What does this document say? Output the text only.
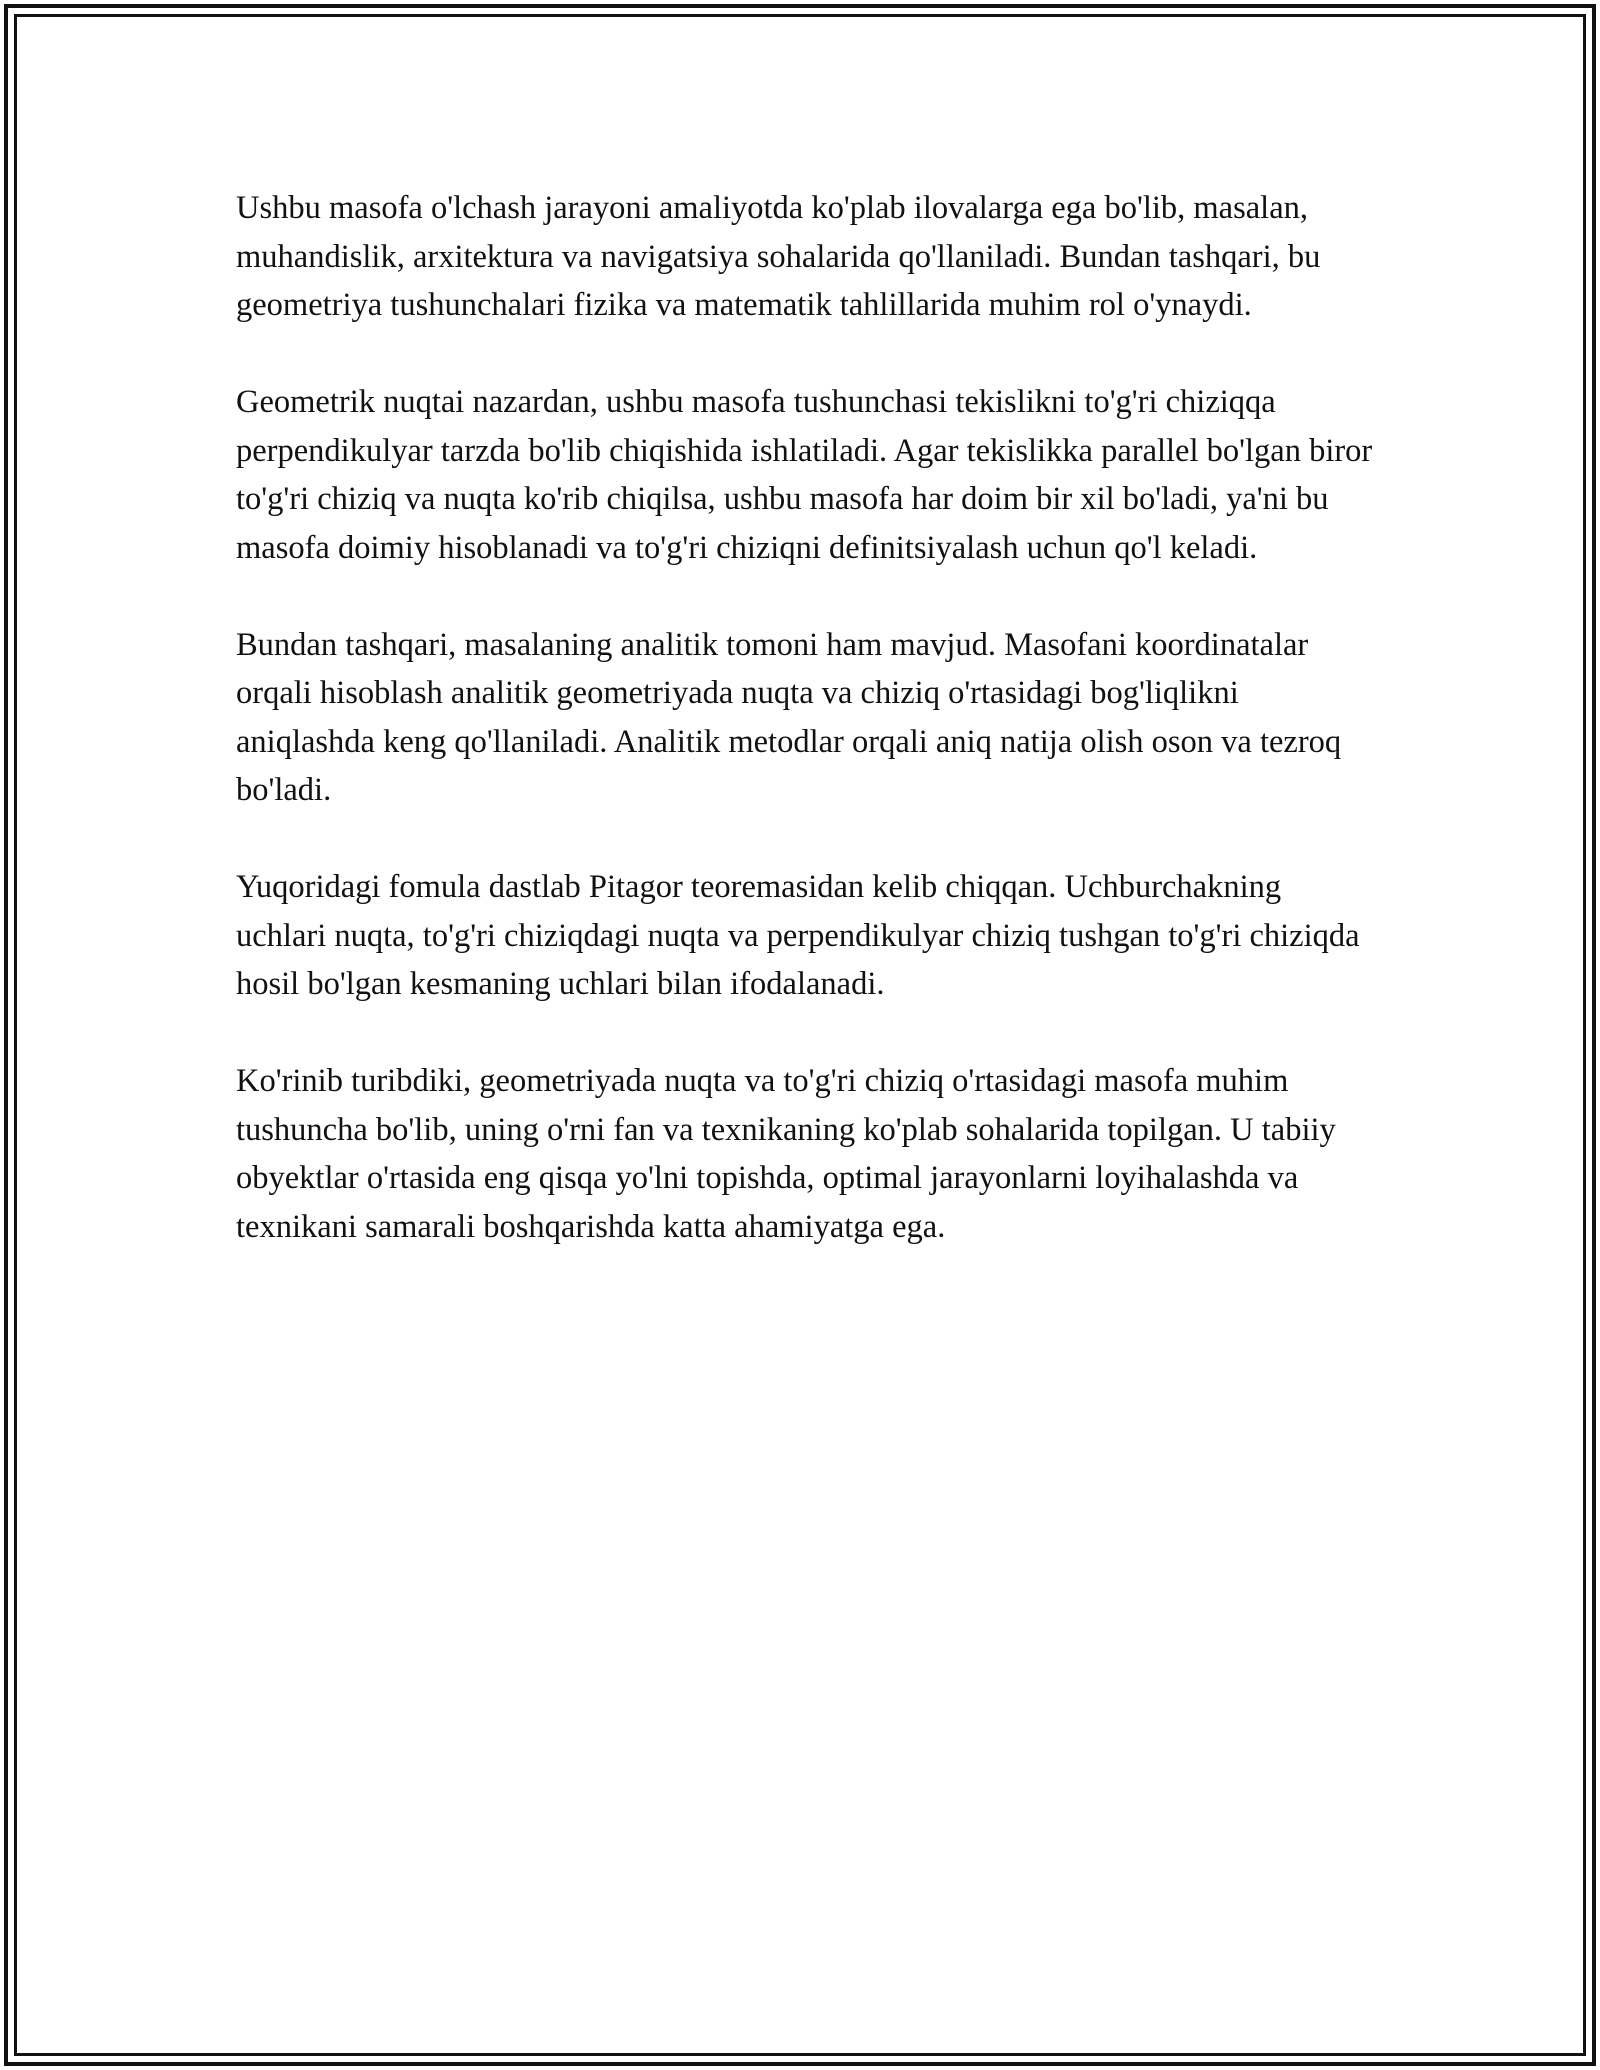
Ushbu masofa o'lchash jarayoni amaliyotda ko'plab ilovalarga ega bo'lib, masalan, muhandislik, arxitektura va navigatsiya sohalarida qo'llaniladi. Bundan tashqari, bu geometriya tushunchalari fizika va matematik tahlillarida muhim rol o'ynaydi.

Geometrik nuqtai nazardan, ushbu masofa tushunchasi tekislikni to'g'ri chiziqqa perpendikulyar tarzda bo'lib chiqishida ishlatiladi. Agar tekislikka parallel bo'lgan biror to'g'ri chiziq va nuqta ko'rib chiqilsa, ushbu masofa har doim bir xil bo'ladi, ya'ni bu masofa doimiy hisoblanadi va to'g'ri chiziqni definitsiyalash uchun qo'l keladi.

Bundan tashqari, masalaning analitik tomoni ham mavjud. Masofani koordinatalar orqali hisoblash analitik geometriyada nuqta va chiziq o'rtasidagi bog'liqlikni aniqlashda keng qo'llaniladi. Analitik metodlar orqali aniq natija olish oson va tezroq bo'ladi.

Yuqoridagi fomula dastlab Pitagor teoremasidan kelib chiqqan. Uchburchakning uchlari nuqta, to'g'ri chiziqdagi nuqta va perpendikulyar chiziq tushgan to'g'ri chiziqda hosil bo'lgan kesmaning uchlari bilan ifodalanadi.

Ko'rinib turibdiki, geometriyada nuqta va to'g'ri chiziq o'rtasidagi masofa muhim tushuncha bo'lib, uning o'rni fan va texnikaning ko'plab sohalarida topilgan. U tabiiy obyektlar o'rtasida eng qisqa yo'lni topishda, optimal jarayonlarni loyihalashda va texnikani samarali boshqarishda katta ahamiyatga ega.
